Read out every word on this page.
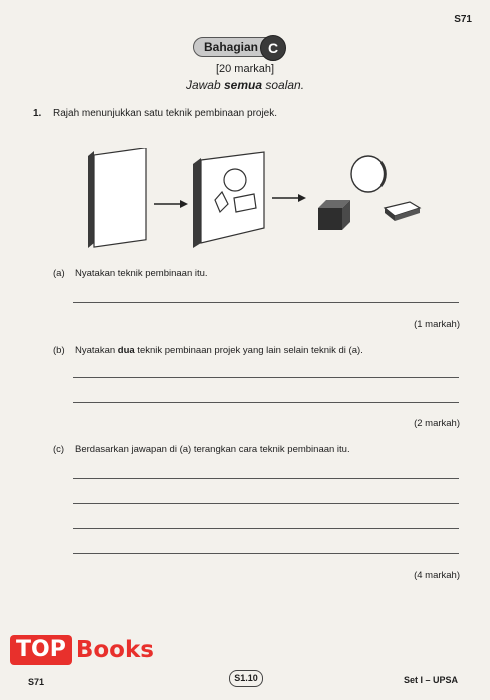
S71
Bahagian C
[20 markah]
Jawab semua soalan.
1. Rajah menunjukkan satu teknik pembinaan projek.
(a) Nyatakan teknik pembinaan itu.
(1 markah)
(b) Nyatakan dua teknik pembinaan projek yang lain selain teknik di (a).
(2 markah)
(c) Berdasarkan jawapan di (a) terangkan cara teknik pembinaan itu.
(4 markah)
TOP Books
S71	S1.10	Set I – UPSA
